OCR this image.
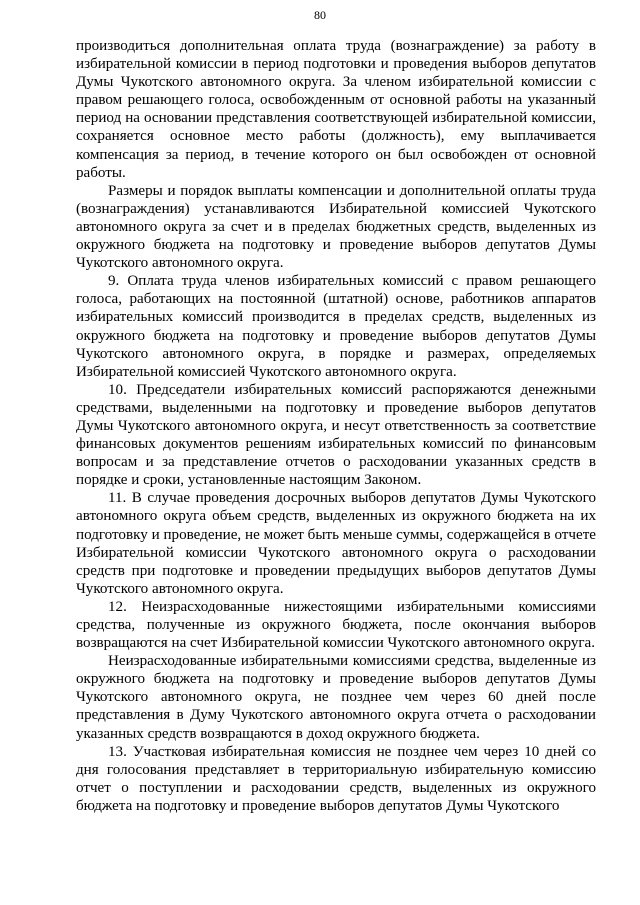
80

производиться дополнительная оплата труда (вознаграждение) за работу в избирательной комиссии в период подготовки и проведения выборов депутатов Думы Чукотского автономного округа. За членом избирательной комиссии с правом решающего голоса, освобожденным от основной работы на указанный период на основании представления соответствующей избирательной комиссии, сохраняется основное место работы (должность), ему выплачивается компенсация за период, в течение которого он был освобожден от основной работы.

Размеры и порядок выплаты компенсации и дополнительной оплаты труда (вознаграждения) устанавливаются Избирательной комиссией Чукотского автономного округа за счет и в пределах бюджетных средств, выделенных из окружного бюджета на подготовку и проведение выборов депутатов Думы Чукотского автономного округа.

9. Оплата труда членов избирательных комиссий с правом решающего голоса, работающих на постоянной (штатной) основе, работников аппаратов избирательных комиссий производится в пределах средств, выделенных из окружного бюджета на подготовку и проведение выборов депутатов Думы Чукотского автономного округа, в порядке и размерах, определяемых Избирательной комиссией Чукотского автономного округа.

10. Председатели избирательных комиссий распоряжаются денежными средствами, выделенными на подготовку и проведение выборов депутатов Думы Чукотского автономного округа, и несут ответственность за соответствие финансовых документов решениям избирательных комиссий по финансовым вопросам и за представление отчетов о расходовании указанных средств в порядке и сроки, установленные настоящим Законом.

11. В случае проведения досрочных выборов депутатов Думы Чукотского автономного округа объем средств, выделенных из окружного бюджета на их подготовку и проведение, не может быть меньше суммы, содержащейся в отчете Избирательной комиссии Чукотского автономного округа о расходовании средств при подготовке и проведении предыдущих выборов депутатов Думы Чукотского автономного округа.

12. Неизрасходованные нижестоящими избирательными комиссиями средства, полученные из окружного бюджета, после окончания выборов возвращаются на счет Избирательной комиссии Чукотского автономного округа.

Неизрасходованные избирательными комиссиями средства, выделенные из окружного бюджета на подготовку и проведение выборов депутатов Думы Чукотского автономного округа, не позднее чем через 60 дней после представления в Думу Чукотского автономного округа отчета о расходовании указанных средств возвращаются в доход окружного бюджета.

13. Участковая избирательная комиссия не позднее чем через 10 дней со дня голосования представляет в территориальную избирательную комиссию отчет о поступлении и расходовании средств, выделенных из окружного бюджета на подготовку и проведение выборов депутатов Думы Чукотского
